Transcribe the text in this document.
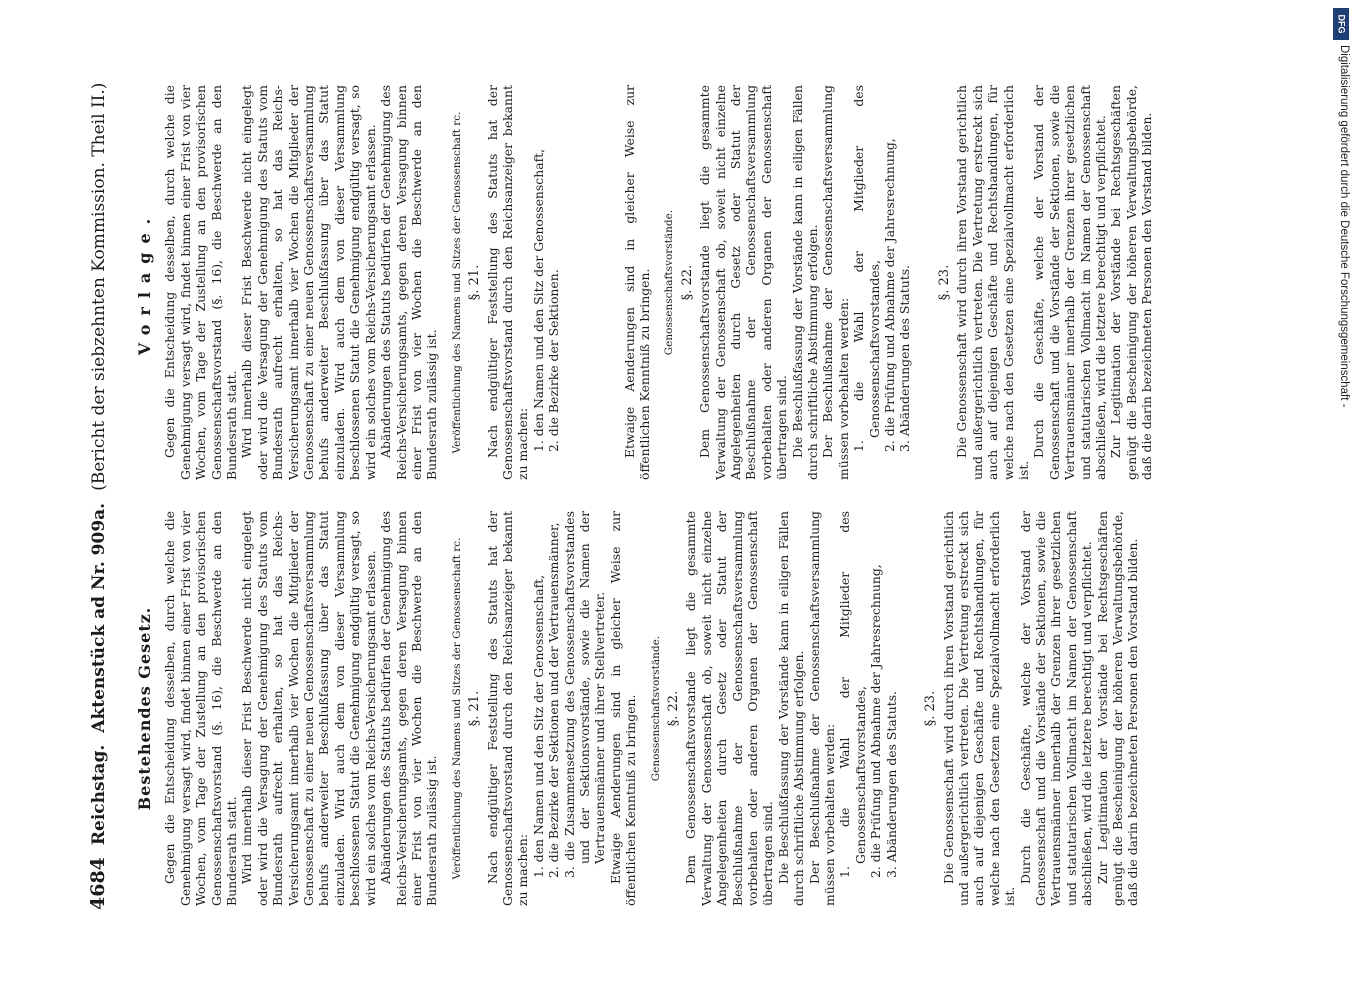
4684
Reichstag.
Aktenstück ad Nr. 909a.
(Bericht der siebzehnten Kommission. Theil II.)
Bestehendes Gesetz. Gegen die Entscheidung desselben, durch welche die Genehmigung versagt wird, findet binnen einer Frist von vier Wochen, vom Tage der Zustellung an den provisorischen Genossenschaftsvorstand (§. 16), die Beschwerde an den Bundesrath statt. Wird innerhalb dieser Frist Beschwerde nicht eingelegt oder wird die Versagung der Genehmigung des Statuts vom Bundesrath aufrecht erhalten, so hat das Reichs-Versicherungsamt innerhalb vier Wochen die Mitglieder der Genossenschaft zu einer neuen Genossenschaftsversammlung behufs anderweiter Beschlußfassung über das Statut einzuladen. Wird auch dem von dieser Versammlung beschlossenen Statut die Genehmigung endgültig versagt, so wird ein solches vom Reichs-Versicherungsamt erlassen. Abänderungen des Statuts bedürfen der Genehmigung des Reichs-Versicherungsamts, gegen deren Versagung binnen einer Frist von vier Wochen die Beschwerde an den Bundesrath zulässig ist. Veröffentlichung des Namens und Sitzes der Genossenschaft rc. §. 21. Nach endgültiger Feststellung des Statuts hat der Genossenschaftsvorstand durch den Reichsanzeiger bekannt zu machen: 1. den Namen und den Sitz der Genossenschaft, 2. die Bezirke der Sektionen und der Vertrauensmänner, 3. die Zusammensetzung des Genossenschaftsvorstandes und der Sektionsvorstände, sowie die Namen der Vertrauensmänner und ihrer Stellvertreter. Etwaige Aenderungen sind in gleicher Weise zur öffentlichen Kenntniß zu bringen. Genossenschaftsvorstände. §. 22. Dem Genossenschaftsvorstande liegt die gesammte Verwaltung der Genossenschaft ob, soweit nicht einzelne Angelegenheiten durch Gesetz oder Statut der Beschlußnahme der Genossenschaftsversammlung vorbehalten oder anderen Organen der Genossenschaft übertragen sind. Die Beschlußfassung der Vorstände kann in eiligen Fällen durch schriftliche Abstimmung erfolgen. Der Beschlußnahme der Genossenschaftsversammlung müssen vorbehalten werden: 1. die Wahl der Mitglieder des Genossenschaftsvorstandes, 2. die Prüfung und Abnahme der Jahresrechnung, 3. Abänderungen des Statuts. §. 23. Die Genossenschaft wird durch ihren Vorstand gerichtlich und außergerichtlich vertreten. Die Vertretung erstreckt sich auch auf diejenigen Geschäfte und Rechtshandlungen, für welche nach den Gesetzen eine Spezialvollmacht erforderlich ist.

Durch die Geschäfte, welche der Vorstand der Genossenschaft und die Vorstände der Sektionen, sowie die Vertrauensmänner innerhalb der Grenzen ihrer gesetzlichen und statutarischen Vollmacht im Namen der Genossenschaft abschließen, wird die letztere berechtigt und verpflichtet. Zur Legitimation der Vorstände bei Rechtsgeschäften genügt die Bescheinigung der höheren Verwaltungsbehörde, daß die darin bezeichneten Personen den Vorstand bilden.

Vorlage. Gegen die Entscheidung desselben, durch welche die Genehmigung versagt wird, findet binnen einer Frist von vier Wochen, vom Tage der Zustellung an den provisorischen Genossenschaftsvorstand (§. 16), die Beschwerde an den Bundesrath statt. Wird innerhalb dieser Frist Beschwerde nicht eingelegt oder wird die Versagung der Genehmigung des Statuts vom Bundesrath aufrecht erhalten, so hat das Reichs-Versicherungsamt innerhalb vier Wochen die Mitglieder der Genossenschaft zu einer neuen Genossenschaftsversammlung behufs anderweiter Beschlußfassung über das Statut einzuladen. Wird auch dem von dieser Versammlung beschlossenen Statut die Genehmigung endgültig versagt, so wird ein solches vom Reichs-Versicherungsamt erlassen. Abänderungen des Statuts bedürfen der Genehmigung des Reichs-Versicherungsamts, gegen deren Versagung binnen einer Frist von vier Wochen die Beschwerde an den Bundesrath zulässig ist. Veröffentlichung des Namens und Sitzes der Genossenschaft rc. §. 21. Nach endgültiger Feststellung des Statuts hat der Genossenschaftsvorstand durch den Reichsanzeiger bekannt zu machen: 1. den Namen und den Sitz der Genossenschaft, 2. die Bezirke der Sektionen.	Etwaige Aenderungen sind in gleicher Weise zur öffentlichen Kenntniß zu bringen. Genossenschaftsvorstände. §. 22. Dem Genossenschaftsvorstande liegt die gesammte Verwaltung der Genossenschaft ob, soweit nicht einzelne Angelegenheiten durch Gesetz oder Statut der Beschlußnahme der Genossenschaftsversammlung vorbehalten oder anderen Organen der Genossenschaft übertragen sind. Die Beschlußfassung der Vorstände kann in eiligen Fällen durch schriftliche Abstimmung erfolgen. Der Beschlußnahme der Genossenschaftsversammlung müssen vorbehalten werden: 1. die Wahl der Mitglieder des Genossenschaftsvorstandes, 2. die Prüfung und Abnahme der Jahresrechnung, 3. Abänderungen des Statuts. §. 23. Die Genossenschaft wird durch ihren Vorstand gerichtlich und außergerichtlich vertreten. Die Vertretung erstreckt sich auch auf diejenigen Geschäfte und Rechtshandlungen, für welche nach den Gesetzen eine Spezialvollmacht erforderlich ist.

Durch die Geschäfte, welche der Vorstand der Genossenschaft und die Vorstände der Sektionen, sowie die Vertrauensmänner innerhalb der Grenzen ihrer gesetzlichen und statutarischen Vollmacht im Namen der Genossenschaft abschließen, wird die letztere berechtigt und verpflichtet. Zur Legitimation der Vorstände bei Rechtsgeschäften genügt die Bescheinigung der höheren Verwaltungsbehörde, daß die darin bezeichneten Personen den Vorstand bilden.

DFG
Digitalisierung gefördert durch die Deutsche Forschungsgemeinschaft -
